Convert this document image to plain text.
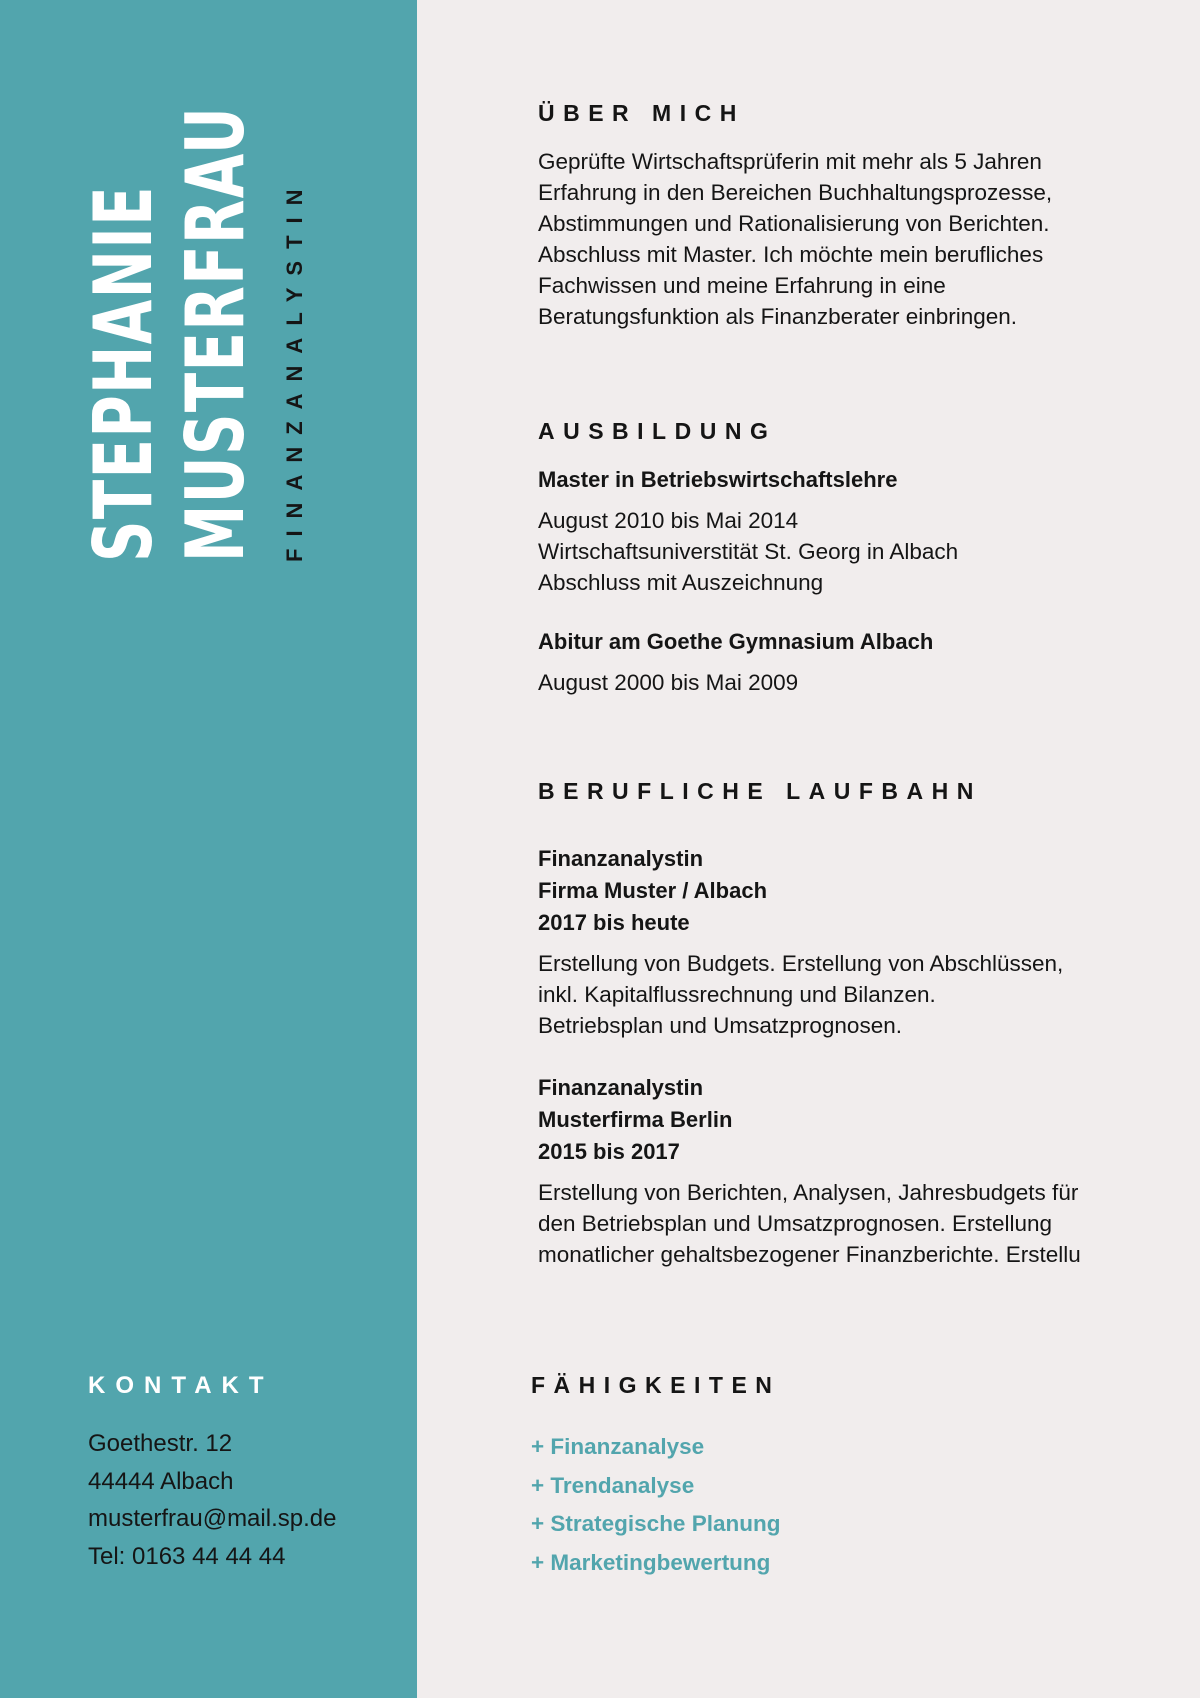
STEPHANIE MUSTERFRAU FINANZANALYSTIN
KONTAKT
Goethestr. 12
44444 Albach
musterfrau@mail.sp.de
Tel: 0163 44 44 44
ÜBER MICH
Geprüfte Wirtschaftsprüferin mit mehr als 5 Jahren
Erfahrung in den Bereichen Buchhaltungsprozesse,
Abstimmungen und Rationalisierung von Berichten.
Abschluss mit Master. Ich möchte mein berufliches
Fachwissen und meine Erfahrung in eine
Beratungsfunktion als Finanzberater einbringen.
AUSBILDUNG
Master in Betriebswirtschaftslehre
August 2010 bis Mai 2014
Wirtschaftsuniverstität St. Georg in Albach
Abschluss mit Auszeichnung
Abitur am Goethe Gymnasium Albach
August 2000 bis Mai 2009
BERUFLICHE LAUFBAHN
Finanzanalystin
Firma Muster / Albach
2017 bis heute
Erstellung von Budgets. Erstellung von Abschlüssen,
inkl. Kapitalflussrechnung und Bilanzen.
Betriebsplan und Umsatzprognosen.
Finanzanalystin
Musterfirma Berlin
2015 bis 2017
Erstellung von Berichten, Analysen, Jahresbudgets für
den Betriebsplan und Umsatzprognosen. Erstellung
monatlicher gehaltsbezogener Finanzberichte. Erstellu
FÄHIGKEITEN
+ Finanzanalyse
+ Trendanalyse
+ Strategische Planung
+ Marketingbewertung
